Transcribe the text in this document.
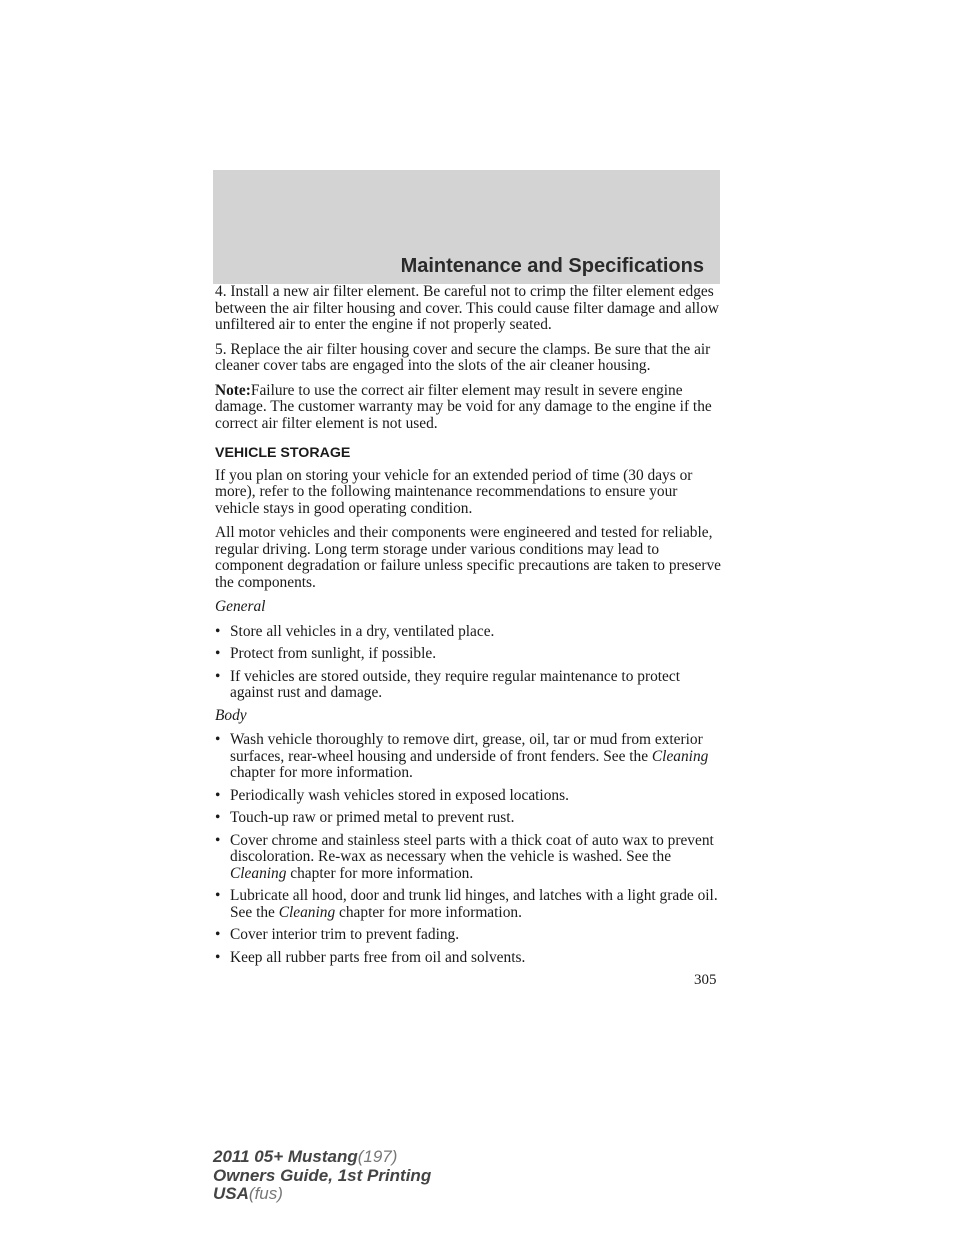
Maintenance and Specifications

4. Install a new air filter element. Be careful not to crimp the filter element edges between the air filter housing and cover. This could cause filter damage and allow unfiltered air to enter the engine if not properly seated.

5. Replace the air filter housing cover and secure the clamps. Be sure that the air cleaner cover tabs are engaged into the slots of the air cleaner housing.

Note:Failure to use the correct air filter element may result in severe engine damage. The customer warranty may be void for any damage to the engine if the correct air filter element is not used.

VEHICLE STORAGE

If you plan on storing your vehicle for an extended period of time (30 days or more), refer to the following maintenance recommendations to ensure your vehicle stays in good operating condition.

All motor vehicles and their components were engineered and tested for reliable, regular driving. Long term storage under various conditions may lead to component degradation or failure unless specific precautions are taken to preserve the components.

General

• Store all vehicles in a dry, ventilated place.
• Protect from sunlight, if possible.
• If vehicles are stored outside, they require regular maintenance to protect against rust and damage.

Body

• Wash vehicle thoroughly to remove dirt, grease, oil, tar or mud from exterior surfaces, rear-wheel housing and underside of front fenders. See the Cleaning chapter for more information.
• Periodically wash vehicles stored in exposed locations.
• Touch-up raw or primed metal to prevent rust.
• Cover chrome and stainless steel parts with a thick coat of auto wax to prevent discoloration. Re-wax as necessary when the vehicle is washed. See the Cleaning chapter for more information.
• Lubricate all hood, door and trunk lid hinges, and latches with a light grade oil. See the Cleaning chapter for more information.
• Cover interior trim to prevent fading.
• Keep all rubber parts free from oil and solvents.

305

2011 05+ Mustang(197)
Owners Guide, 1st Printing
USA(fus)
